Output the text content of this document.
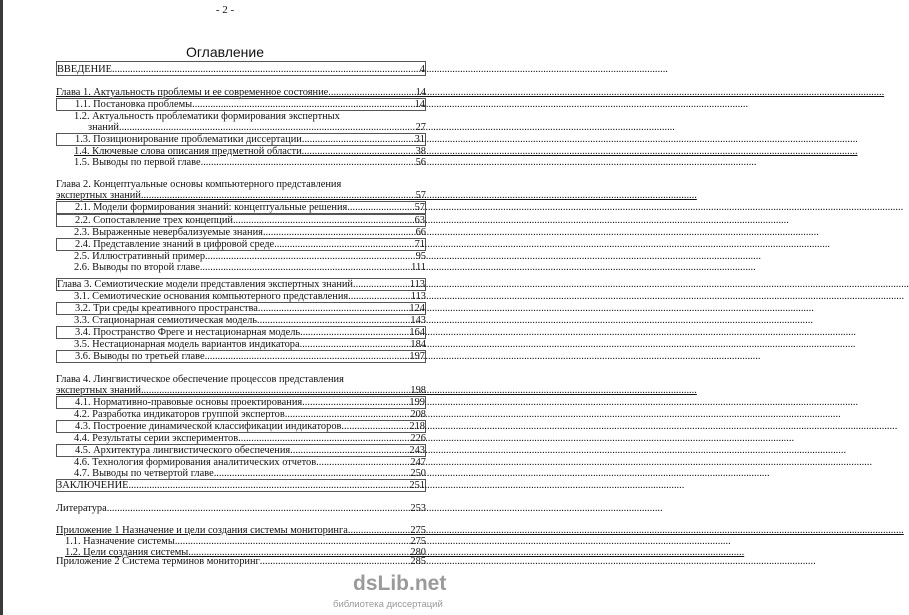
- 2 -
Оглавление
ВВЕДЕНИЕ .....	4
Глава 1. Актуальность проблемы и ее современное состояние .....	14
1.1. Постановка проблемы .....	14
1.2. Актуальность проблематики формирования экспертных
знаний .....	27
1.3. Позиционирование проблематики диссертации .....	31
1.4. Ключевые слова описания предметной области .....	38
1.5. Выводы по первой главе .....	56
Глава 2. Концептуальные основы компьютерного представления
экспертных знаний .....	57
2.1. Модели формирования знаний: концептуальные решения .....	57
2.2. Сопоставление трех концепций .....	63
2.3. Выраженные невербализуемые знания .....	66
2.4. Представление знаний в цифровой среде .....	71
2.5. Иллюстративный пример .....	95
2.6. Выводы по второй главе .....	111
Глава 3. Семиотические модели представления экспертных знаний .....	113
3.1. Семиотические основания компьютерного представления .....	113
3.2. Три среды креативного пространства .....	124
3.3. Стационарная семиотическая модель .....	143
3.4. Пространство Фреге и нестационарная модель .....	164
3.5. Нестационарная модель вариантов индикатора .....	184
3.6. Выводы по третьей главе .....	197
Глава 4. Лингвистическое обеспечение процессов представления
экспертных знаний .....	198
4.1. Нормативно-правовые основы проектирования .....	199
4.2. Разработка индикаторов группой экспертов .....	208
4.3. Построение динамической классификации индикаторов .....	218
4.4. Результаты серии экспериментов .....	226
4.5. Архитектура лингвистического обеспечения .....	243
4.6. Технология формирования аналитических отчетов .....	247
4.7. Выводы по четвертой главе .....	250
ЗАКЛЮЧЕНИЕ .....	251
Литература .....	253
Приложение 1 Назначение и цели создания системы мониторинга .....	275
1.1. Назначение системы .....	275
1.2. Цели создания системы .....	280
Приложение 2 Система терминов мониторинг .....	285
dsLib.net
библиотека диссертаций
